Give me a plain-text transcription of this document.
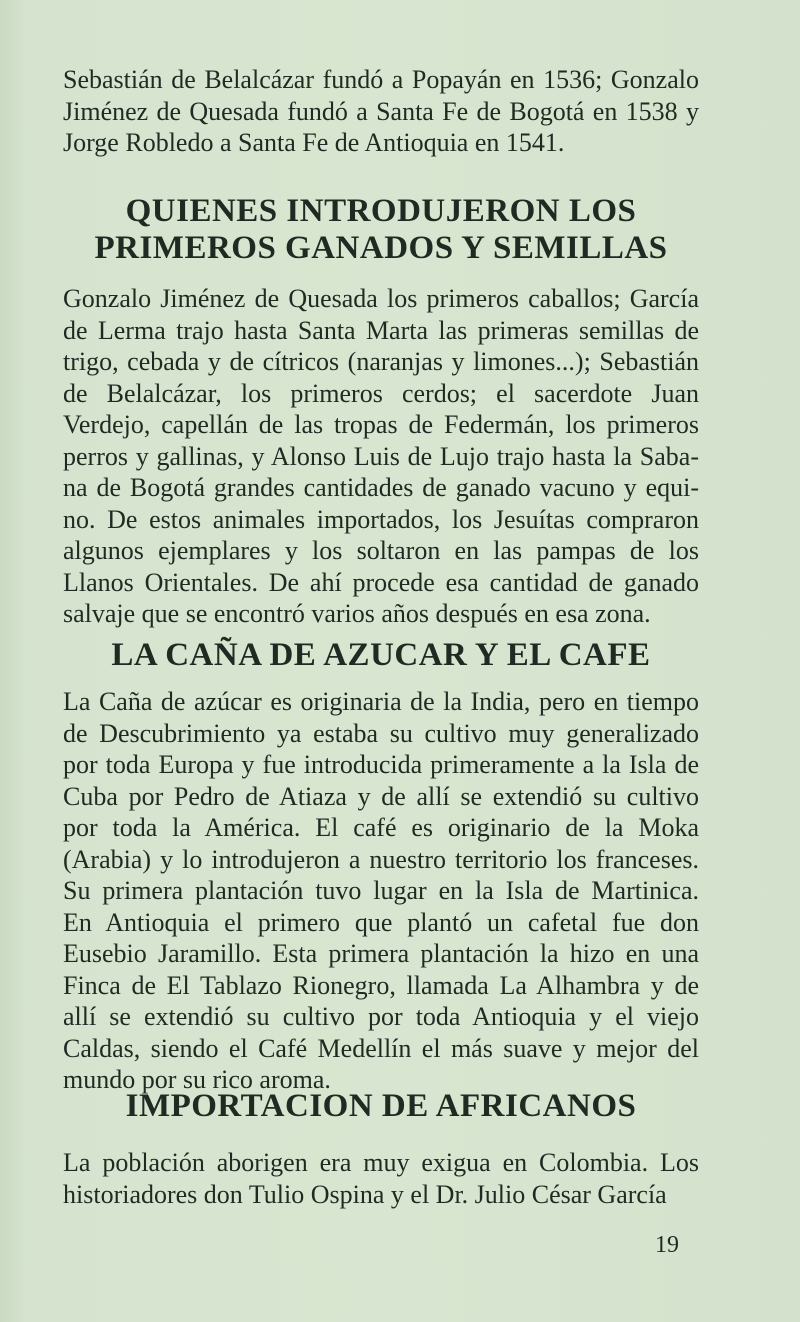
Sebastián de Belalcázar fundó a Popayán en 1536; Gonzalo
Jiménez de Quesada fundó a Santa Fe de Bogotá en 1538 y
Jorge Robledo a Santa Fe de Antioquia en 1541.

QUIENES INTRODUJERON LOS
PRIMEROS GANADOS Y SEMILLAS

Gonzalo Jiménez de Quesada los primeros caballos; García
de Lerma trajo hasta Santa Marta las primeras semillas de
trigo, cebada y de cítricos (naranjas y limones...); Sebastián
de Belalcázar, los primeros cerdos; el sacerdote Juan
Verdejo, capellán de las tropas de Federmán, los primeros
perros y gallinas, y Alonso Luis de Lujo trajo hasta la Saba-
na de Bogotá grandes cantidades de ganado vacuno y equi-
no. De estos animales importados, los Jesuítas compraron
algunos ejemplares y los soltaron en las pampas de los
Llanos Orientales. De ahí procede esa cantidad de ganado
salvaje que se encontró varios años después en esa zona.

LA CAÑA DE AZUCAR Y EL CAFE

La Caña de azúcar es originaria de la India, pero en tiempo
de Descubrimiento ya estaba su cultivo muy generalizado
por toda Europa y fue introducida primeramente a la Isla de
Cuba por Pedro de Atiaza y de allí se extendió su cultivo
por toda la América. El café es originario de la Moka
(Arabia) y lo introdujeron a nuestro territorio los franceses.
Su primera plantación tuvo lugar en la Isla de Martinica.
En Antioquia el primero que plantó un cafetal fue don
Eusebio Jaramillo. Esta primera plantación la hizo en una
Finca de El Tablazo Rionegro, llamada La Alhambra y de
allí se extendió su cultivo por toda Antioquia y el viejo
Caldas, siendo el Café Medellín el más suave y mejor del
mundo por su rico aroma.

IMPORTACION DE AFRICANOS

La población aborigen era muy exigua en Colombia. Los
historiadores don Tulio Ospina y el Dr. Julio César García

19
